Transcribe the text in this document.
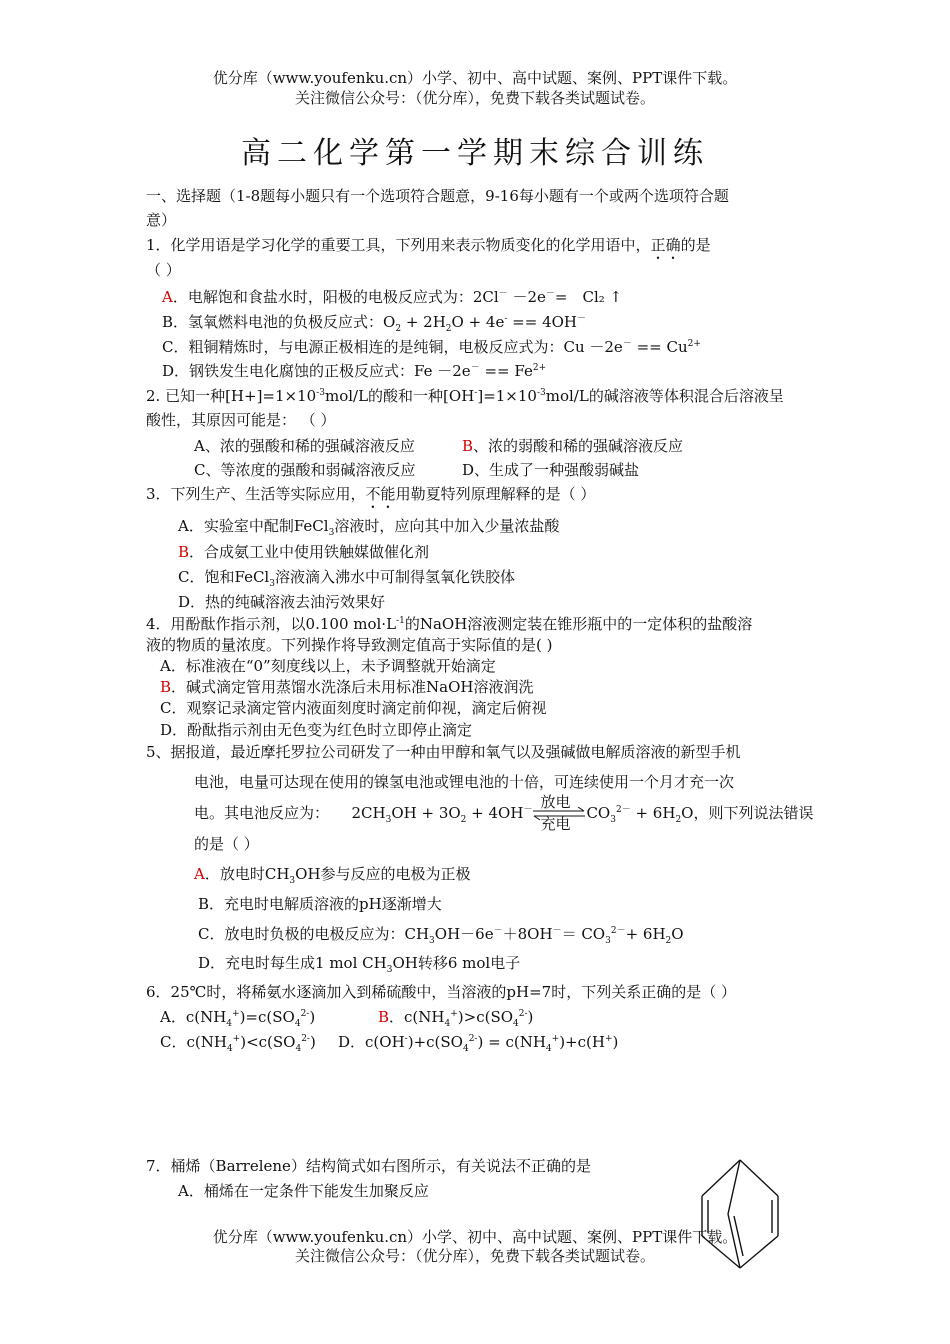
优分库（www.youfenku.cn）小学、初中、高中试题、案例、PPT课件下载。
关注微信公众号：（优分库），免费下载各类试题试卷。
高二化学第一学期末综合训练
一、选择题（1-8题每小题只有一个选项符合题意，9-16每小题有一个或两个选项符合题
意）
1．化学用语是学习化学的重要工具，下列用来表示物质变化的化学用语中，正确的是
（ ）
A．电解饱和食盐水时，阳极的电极反应式为：2Cl－ －2e－=　Cl₂ ↑
B．氢氧燃料电池的负极反应式：$O_2 + 2H_2O + 4e^- == 4OH^-$
C．粗铜精炼时，与电源正极相连的是纯铜，电极反应式为：$Cu -2e^- == Cu^{2+}$
D．钢铁发生电化腐蚀的正极反应式：$Fe -2e^- == Fe^{2+}$
2. 已知一种$[H+]=1\times 10^{-3}mol/L$的酸和一种$[OH^-]=1\times 10^{-3}mol/L$的碱溶液等体积混合后溶液呈
酸性，其原因可能是： （ ）
A、浓的强酸和稀的强碱溶液反应	B、浓的弱酸和稀的强碱溶液反应
C、等浓度的强酸和弱碱溶液反应	D、生成了一种强酸弱碱盐
3．下列生产、生活等实际应用，不能用勒夏特列原理解释的是（ ）
A．实验室中配制FeCl$_3$溶液时，应向其中加入少量浓盐酸
B．合成氨工业中使用铁触媒做催化剂
C．饱和FeCl$_3$溶液滴入沸水中可制得氢氧化铁胶体
D．热的纯碱溶液去油污效果好
4．用酚酞作指示剂，以0.100 $mol\cdot L^{-1}$的NaOH溶液测定装在锥形瓶中的一定体积的盐酸溶
液的物质的量浓度。下列操作将导致测定值高于实际值的是( )
A．标准液在“0”刻度线以上，未予调整就开始滴定
B．碱式滴定管用蒸馏水洗涤后未用标准NaOH溶液润洗
C．观察记录滴定管内液面刻度时滴定前仰视，滴定后俯视
D．酚酞指示剂由无色变为红色时立即停止滴定
5、据报道，最近摩托罗拉公司研发了一种由甲醇和氧气以及强碱做电解质溶液的新型手机
电池，电量可达现在使用的镍氢电池或锂电池的十倍，可连续使用一个月才充一次
电。其电池反应为：　　$2CH_3OH + 3O_2 + 4OH^-$ 放电
充电
$CO_3^{2-} + 6H_2O$，则下列说法错误
的是（ ）
A．放电时$CH_3OH$参与反应的电极为正极
B．充电时电解质溶液的pH逐渐增大
C．放电时负极的电极反应为：$CH_3OH-6e^-+8OH^-= CO_3^{2-}+ 6H_2O$
D．充电时每生成1 mol $CH_3OH$转移6 mol电子
6．25℃时，将稀氨水逐滴加入到稀硫酸中，当溶液的pH=7时，下列关系正确的是（ ）
A．$c(NH_4^+)=c(SO_4^{2-})$	B．$c(NH_4^+)>c(SO_4^{2-})$
C．$c(NH_4^+)<c(SO_4^{2-})$ D．$c(OH^-)+c(SO_4^{2-}) = c(NH_4^+)+c(H^+)$
7．桶烯（Barrelene）结构简式如右图所示，有关说法不正确的是
A．桶烯在一定条件下能发生加聚反应
优分库（www.youfenku.cn）小学、初中、高中试题、案例、PPT课件下载。
关注微信公众号：（优分库），免费下载各类试题试卷。
